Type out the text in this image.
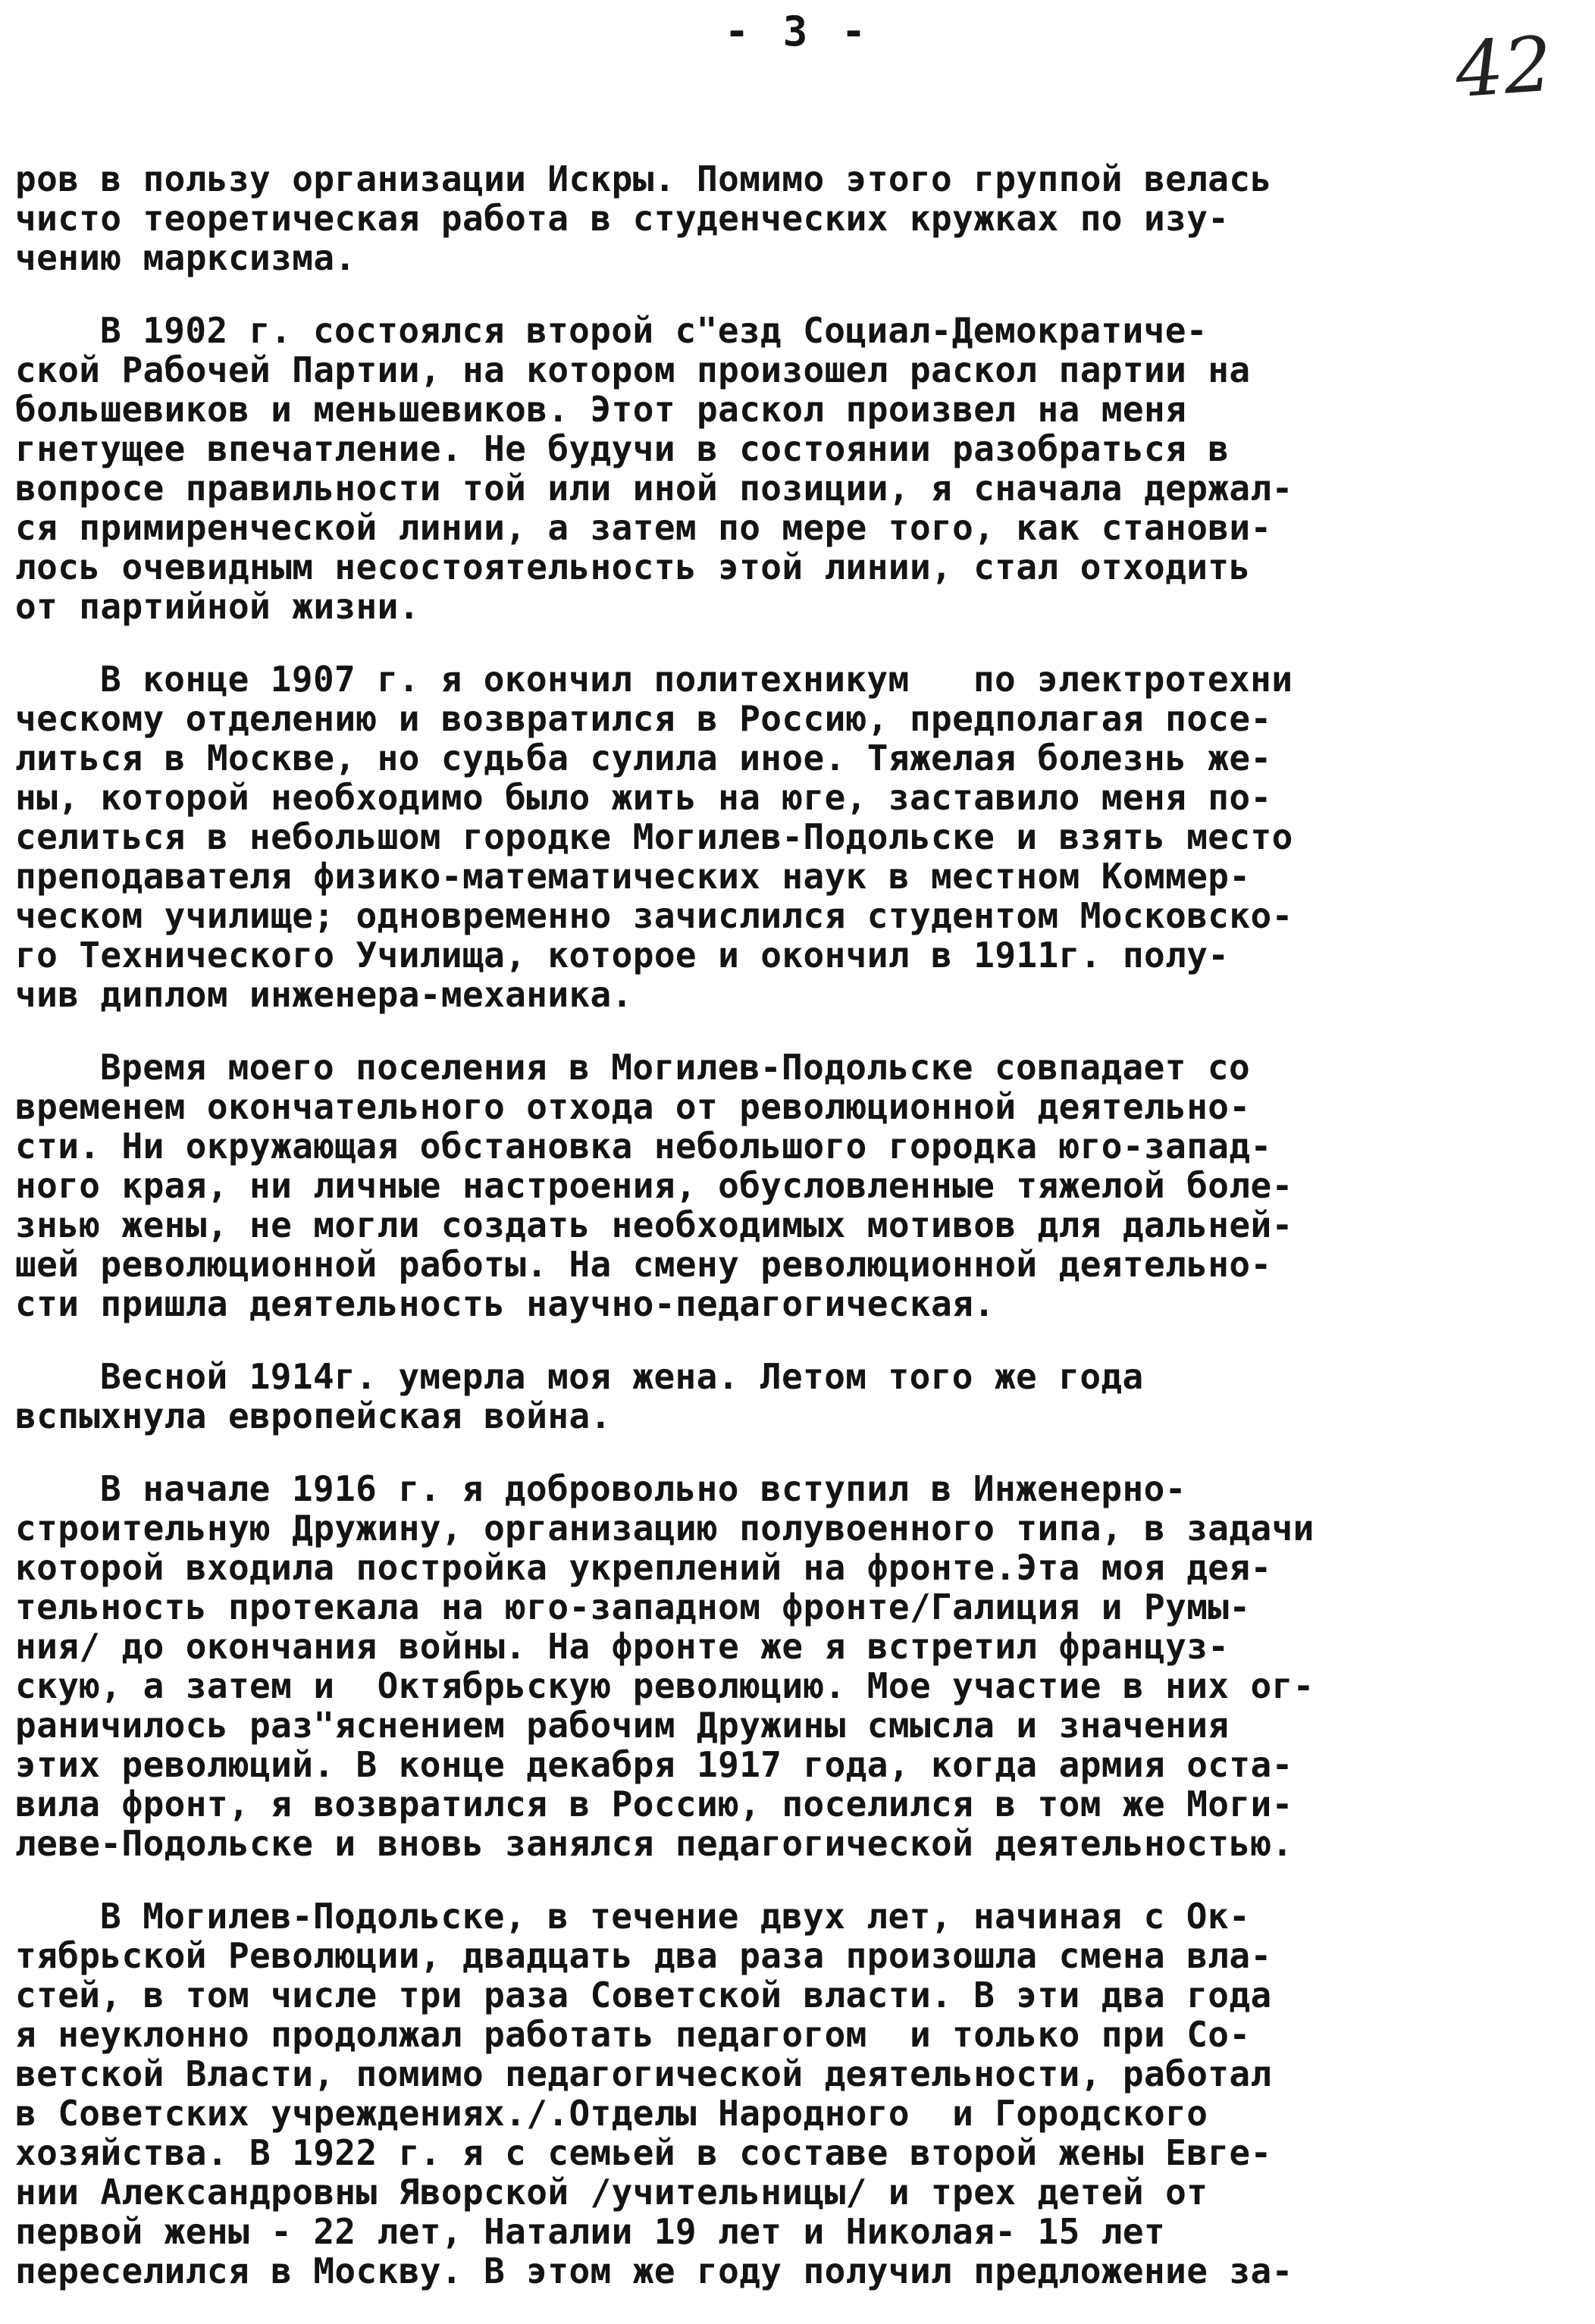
- 3 -	42
ров в пользу организации Искры. Помимо этого группой велась
чисто теоретическая работа в студенческих кружках по изу-
чению марксизма.
В 1902 г. состоялся второй с"езд Социал-Демократиче-
ской Рабочей Партии, на котором произошел раскол партии на
большевиков и меньшевиков. Этот раскол произвел на меня
гнетущее впечатление. Не будучи в состоянии разобраться в
вопросе правильности той или иной позиции, я сначала держал-
ся примиренческой линии, а затем по мере того, как станови-
лось очевидным несостоятельность этой линии, стал отходить
от партийной жизни.
В конце 1907 г. я окончил политехникум   по электротехни
ческому отделению и возвратился в Россию, предполагая посе-
литься в Москве, но судьба сулила иное. Тяжелая болезнь же-
ны, которой необходимо было жить на юге, заставило меня по-
селиться в небольшом городке Могилев-Подольске и взять место
преподавателя физико-математических наук в местном Коммер-
ческом училище; одновременно зачислился студентом Московско-
го Технического Училища, которое и окончил в 1911г. полу-
чив диплом инженера-механика.
Время моего поселения в Могилев-Подольске совпадает со
временем окончательного отхода от революционной деятельно-
сти. Ни окружающая обстановка небольшого городка юго-запад-
ного края, ни личные настроения, обусловленные тяжелой боле-
знью жены, не могли создать необходимых мотивов для дальней-
шей революционной работы. На смену революционной деятельно-
сти пришла деятельность научно-педагогическая.
Весной 1914г. умерла моя жена. Летом того же года
вспыхнула европейская война.
В начале 1916 г. я добровольно вступил в Инженерно-
строительную Дружину, организацию полувоенного типа, в задачи
которой входила постройка укреплений на фронте.Эта моя дея-
тельность протекала на юго-западном фронте/Галиция и Румы-
ния/ до окончания войны. На фронте же я встретил француз-
скую, а затем и  Октябрьскую революцию. Мое участие в них ог-
раничилось раз"яснением рабочим Дружины смысла и значения
этих революций. В конце декабря 1917 года, когда армия оста-
вила фронт, я возвратился в Россию, поселился в том же Моги-
леве-Подольске и вновь занялся педагогической деятельностью.
В Могилев-Подольске, в течение двух лет, начиная с Ок-
тябрьской Революции, двадцать два раза произошла смена вла-
стей, в том числе три раза Советской власти. В эти два года
я неуклонно продолжал работать педагогом  и только при Со-
ветской Власти, помимо педагогической деятельности, работал
в Советских учреждениях./.Отделы Народного  и Городского
хозяйства. В 1922 г. я с семьей в составе второй жены Евге-
нии Александровны Яворской /учительницы/ и трех детей от
первой жены - 22 лет, Наталии 19 лет и Николая- 15 лет
переселился в Москву. В этом же году получил предложение за-
